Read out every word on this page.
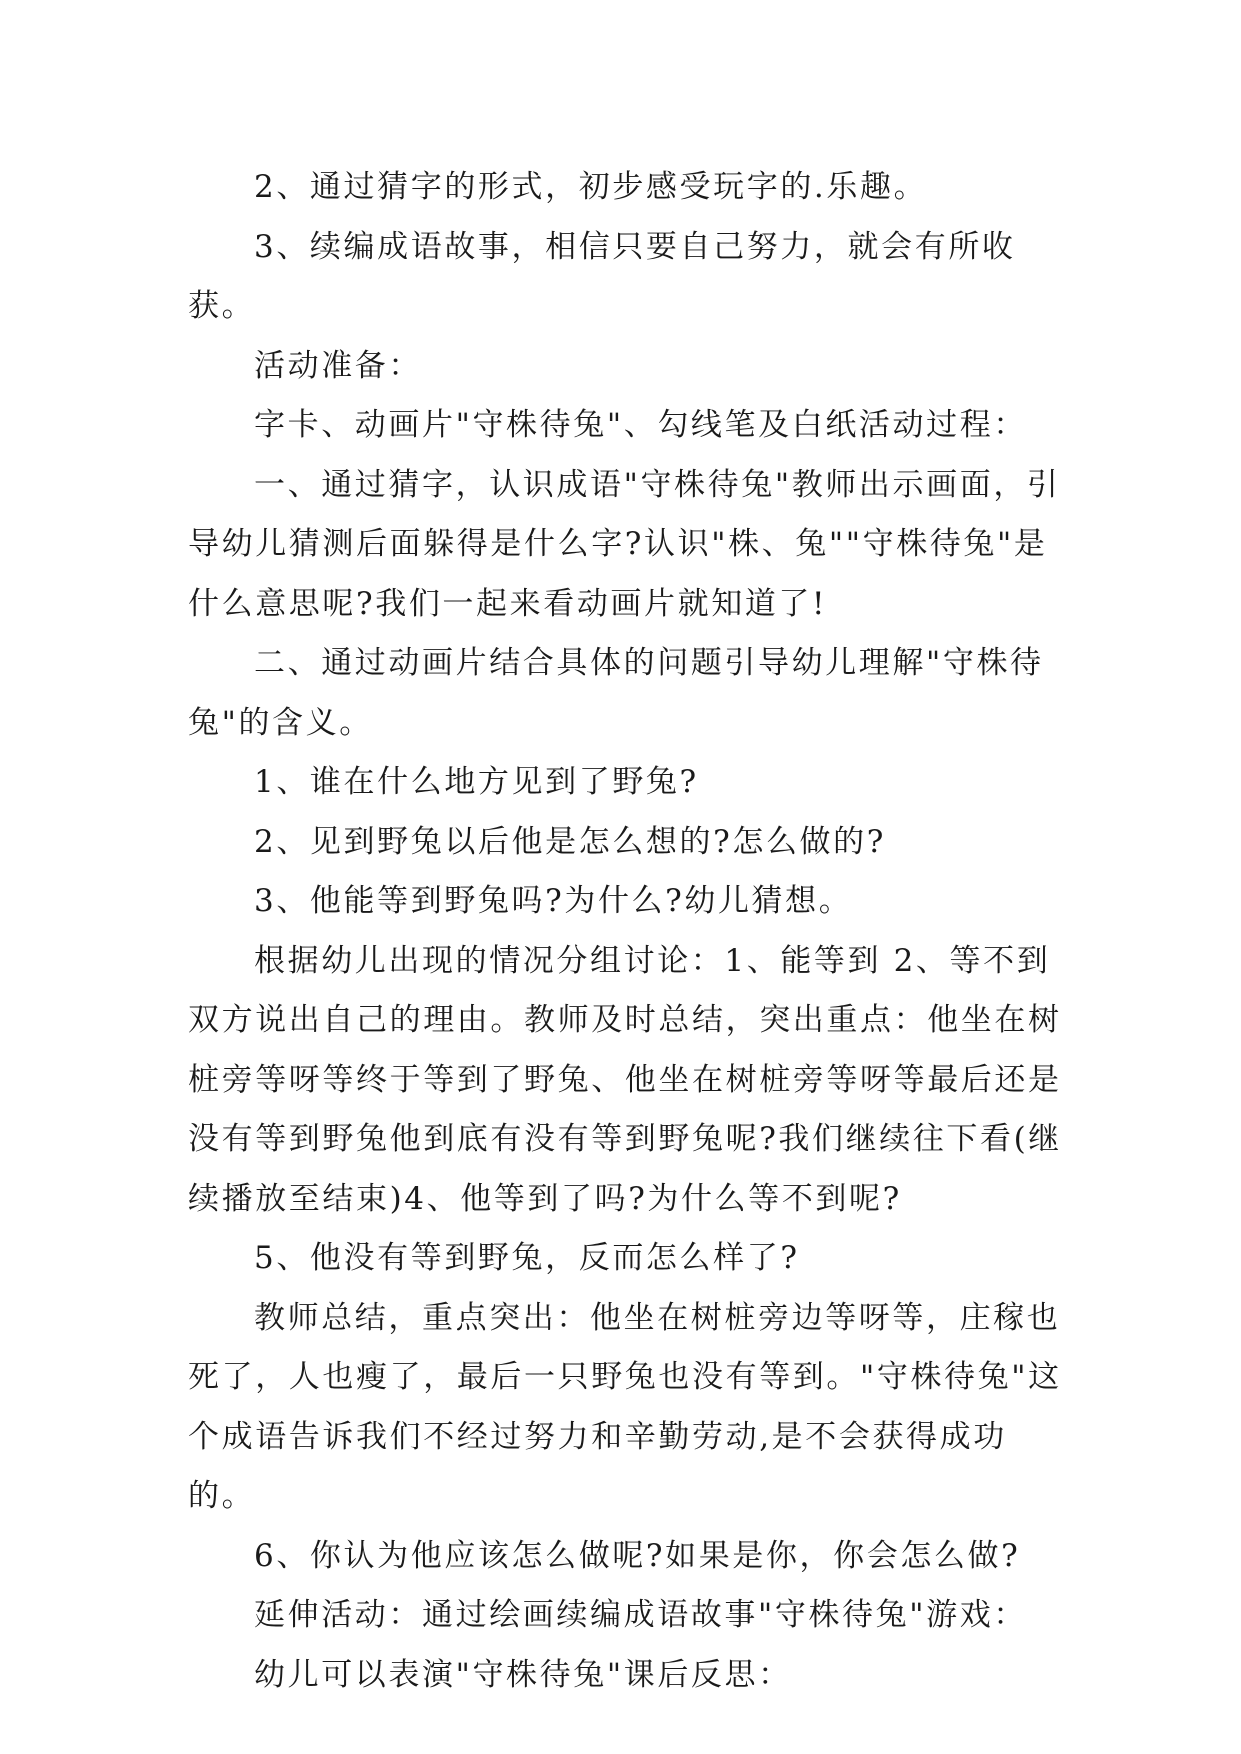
2、通过猜字的形式，初步感受玩字的.乐趣。

3、续编成语故事，相信只要自己努力，就会有所收获。

活动准备：

字卡、动画片"守株待兔"、勾线笔及白纸活动过程：

一、通过猜字，认识成语"守株待兔"教师出示画面，引导幼儿猜测后面躲得是什么字?认识"株、兔""守株待兔"是什么意思呢?我们一起来看动画片就知道了!

二、通过动画片结合具体的问题引导幼儿理解"守株待兔"的含义。

1、谁在什么地方见到了野兔?

2、见到野兔以后他是怎么想的?怎么做的?

3、他能等到野兔吗?为什么?幼儿猜想。

根据幼儿出现的情况分组讨论：1、能等到 2、等不到双方说出自己的理由。教师及时总结，突出重点：他坐在树桩旁等呀等终于等到了野兔、他坐在树桩旁等呀等最后还是没有等到野兔他到底有没有等到野兔呢?我们继续往下看(继续播放至结束)4、他等到了吗?为什么等不到呢?

5、他没有等到野兔，反而怎么样了?

教师总结，重点突出：他坐在树桩旁边等呀等，庄稼也死了，人也瘦了，最后一只野兔也没有等到。"守株待兔"这个成语告诉我们不经过努力和辛勤劳动,是不会获得成功的。

6、你认为他应该怎么做呢?如果是你，你会怎么做?

延伸活动：通过绘画续编成语故事"守株待兔"游戏：

幼儿可以表演"守株待兔"课后反思：
